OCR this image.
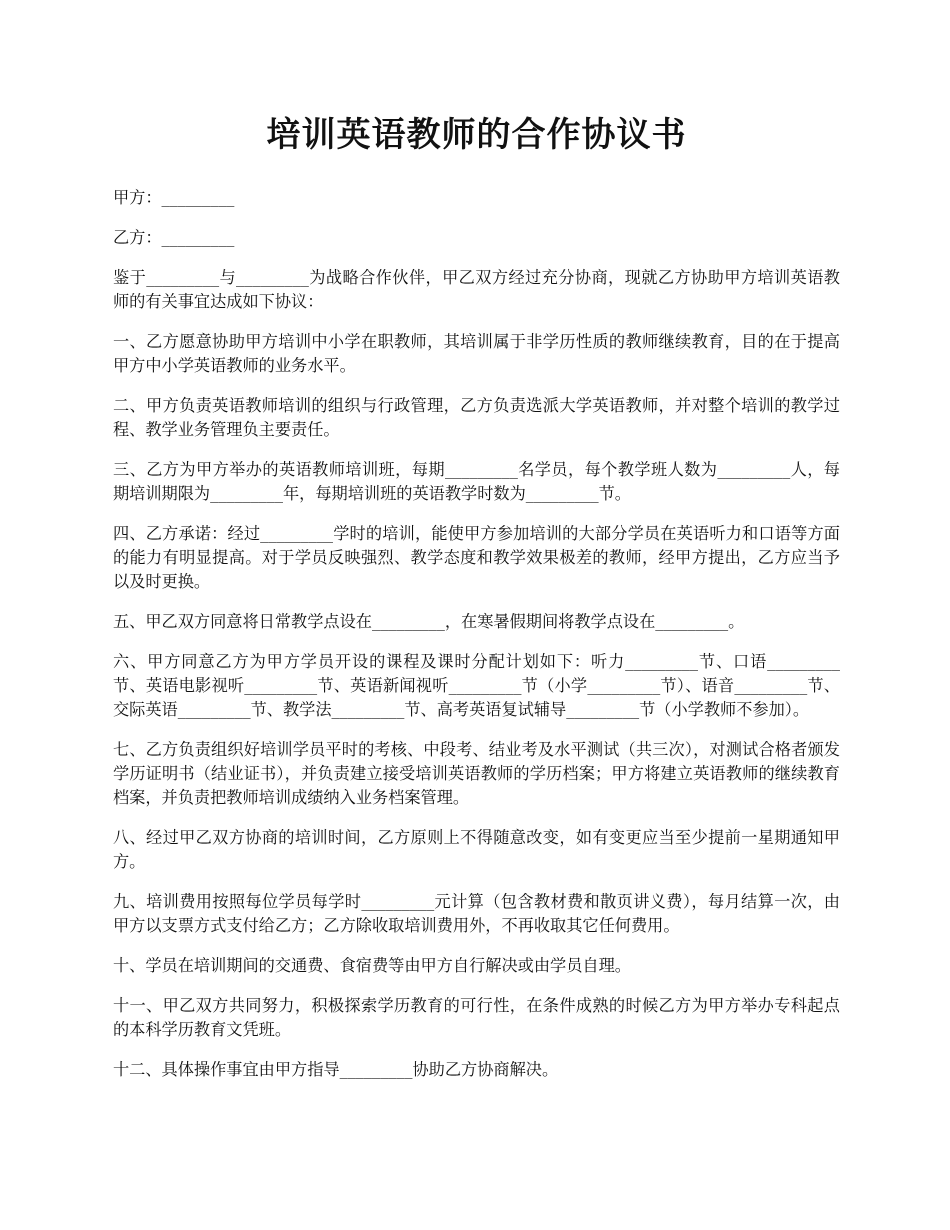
培训英语教师的合作协议书

甲方：_________

乙方：_________

鉴于_________与_________为战略合作伙伴，甲乙双方经过充分协商，现就乙方协助甲方培训英语教师的有关事宜达成如下协议：

一、乙方愿意协助甲方培训中小学在职教师，其培训属于非学历性质的教师继续教育，目的在于提高甲方中小学英语教师的业务水平。

二、甲方负责英语教师培训的组织与行政管理，乙方负责选派大学英语教师，并对整个培训的教学过程、教学业务管理负主要责任。

三、乙方为甲方举办的英语教师培训班，每期_________名学员，每个教学班人数为_________人，每期培训期限为_________年，每期培训班的英语教学时数为_________节。

四、乙方承诺：经过_________学时的培训，能使甲方参加培训的大部分学员在英语听力和口语等方面的能力有明显提高。对于学员反映强烈、教学态度和教学效果极差的教师，经甲方提出，乙方应当予以及时更换。

五、甲乙双方同意将日常教学点设在_________，在寒暑假期间将教学点设在_________。

六、甲方同意乙方为甲方学员开设的课程及课时分配计划如下：听力_________节、口语_________节、英语电影视听_________节、英语新闻视听_________节（小学_________节）、语音_________节、交际英语_________节、教学法_________节、高考英语复试辅导_________节（小学教师不参加）。

七、乙方负责组织好培训学员平时的考核、中段考、结业考及水平测试（共三次），对测试合格者颁发学历证明书（结业证书），并负责建立接受培训英语教师的学历档案；甲方将建立英语教师的继续教育档案，并负责把教师培训成绩纳入业务档案管理。

八、经过甲乙双方协商的培训时间，乙方原则上不得随意改变，如有变更应当至少提前一星期通知甲方。

九、培训费用按照每位学员每学时_________元计算（包含教材费和散页讲义费），每月结算一次，由甲方以支票方式支付给乙方；乙方除收取培训费用外，不再收取其它任何费用。

十、学员在培训期间的交通费、食宿费等由甲方自行解决或由学员自理。

十一、甲乙双方共同努力，积极探索学历教育的可行性，在条件成熟的时候乙方为甲方举办专科起点的本科学历教育文凭班。

十二、具体操作事宜由甲方指导_________协助乙方协商解决。
